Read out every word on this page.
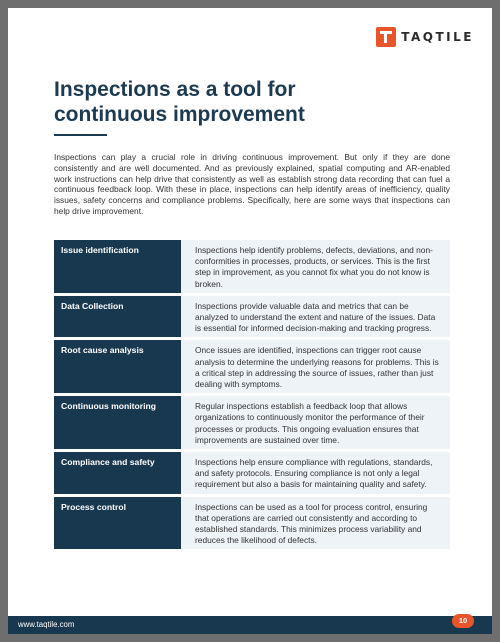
TAQTILE
Inspections as a tool for continuous improvement

Inspections can play a crucial role in driving continuous improvement. But only if they are done consistently and are well documented. And as previously explained, spatial computing and AR-enabled work instructions can help drive that consistently as well as establish strong data recording that can fuel a continuous feedback loop. With these in place, inspections can help identify areas of inefficiency, quality issues, safety concerns and compliance problems. Specifically, here are some ways that inspections can help drive improvement.

Issue identification	Inspections help identify problems, defects, deviations, and non-conformities in processes, products, or services. This is the first step in improvement, as you cannot fix what you do not know is broken.
Data Collection	Inspections provide valuable data and metrics that can be analyzed to understand the extent and nature of the issues. Data is essential for informed decision-making and tracking progress.
Root cause analysis	Once issues are identified, inspections can trigger root cause analysis to determine the underlying reasons for problems. This is a critical step in addressing the source of issues, rather than just dealing with symptoms.
Continuous monitoring	Regular inspections establish a feedback loop that allows organizations to continuously monitor the performance of their processes or products. This ongoing evaluation ensures that improvements are sustained over time.
Compliance and safety	Inspections help ensure compliance with regulations, standards, and safety protocols. Ensuring compliance is not only a legal requirement but also a basis for maintaining quality and safety.
Process control	Inspections can be used as a tool for process control, ensuring that operations are carried out consistently and according to established standards. This minimizes process variability and reduces the likelihood of defects.
www.taqtile.com	10
